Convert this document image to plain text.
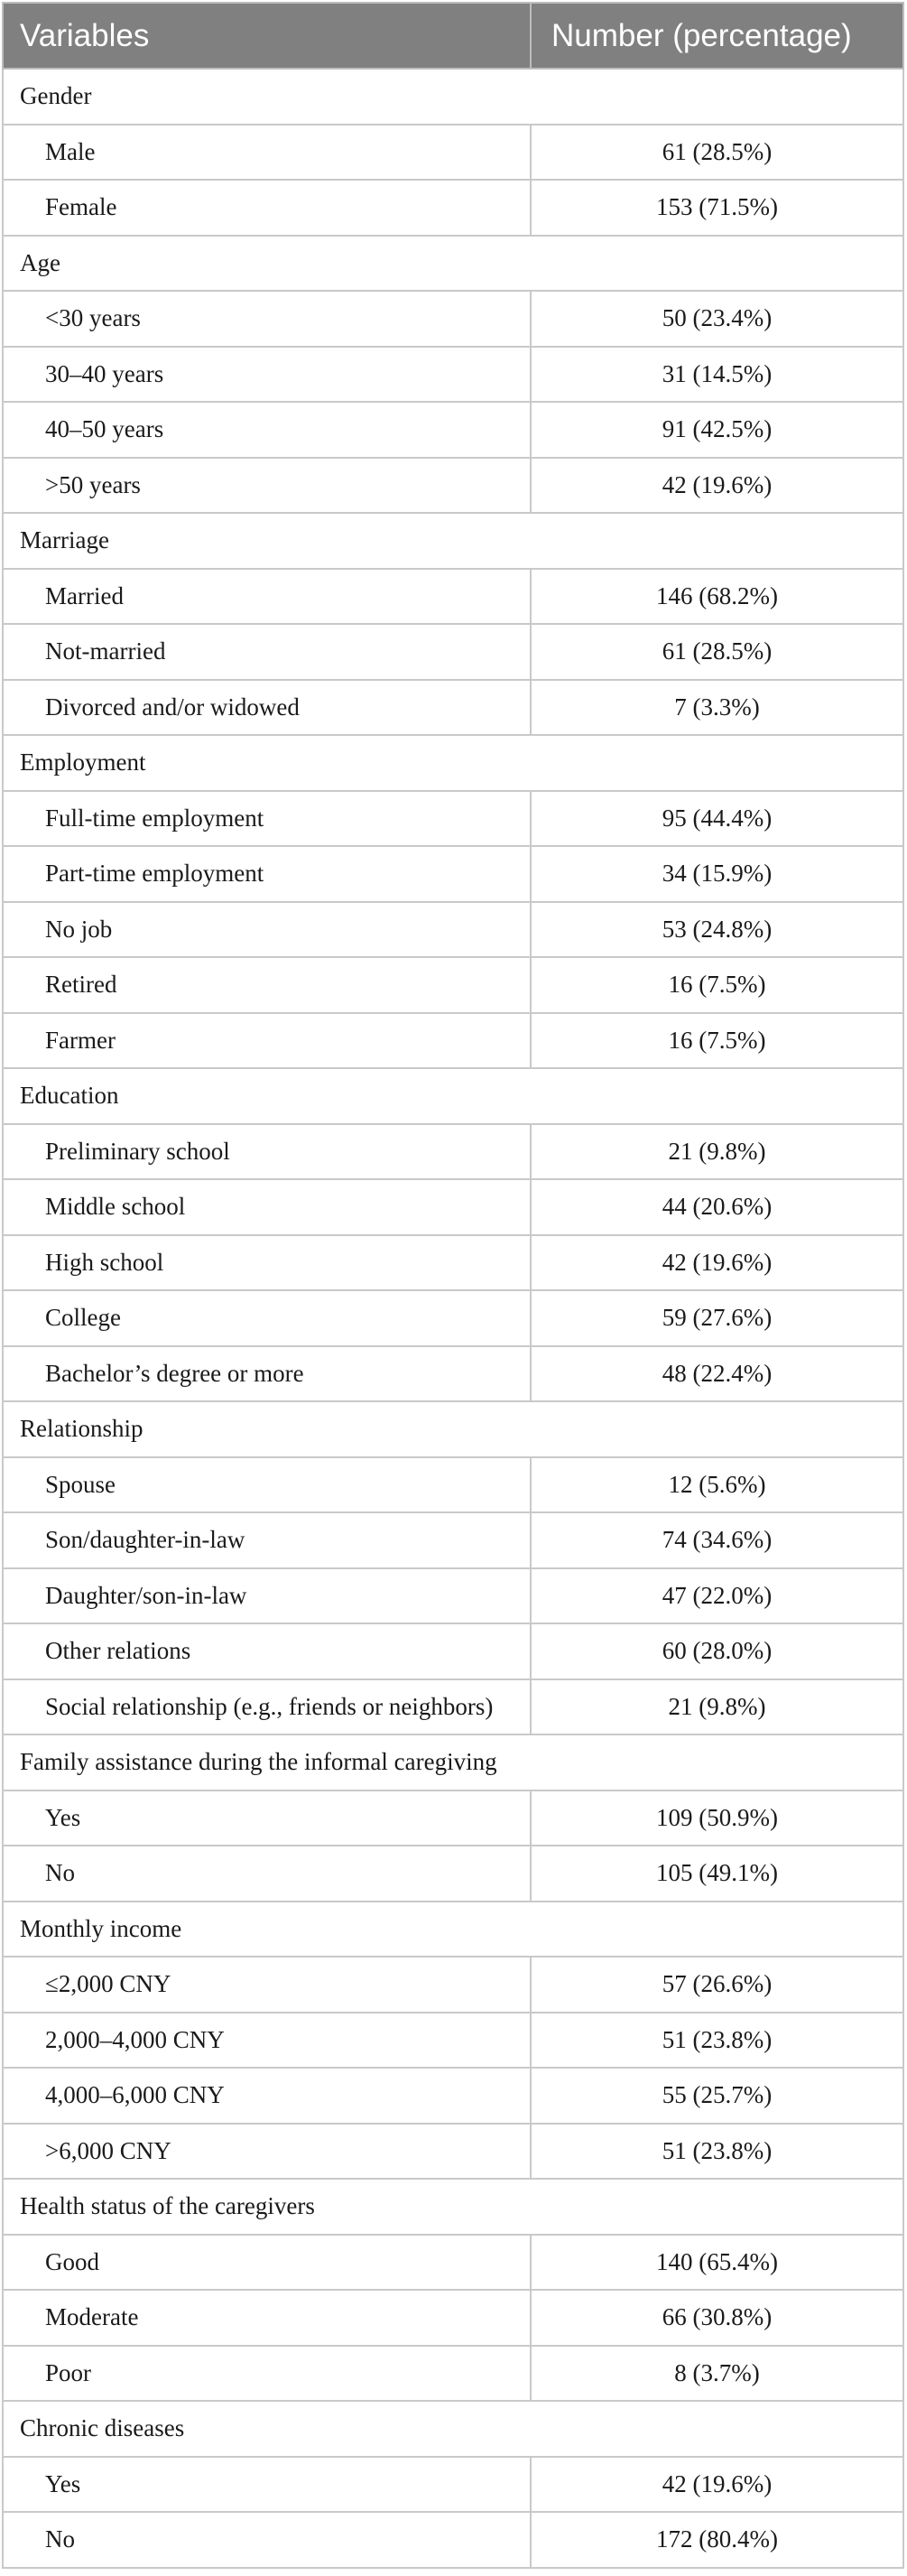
Variables	Number (percentage)
Gender	
Male	61 (28.5%)
Female	153 (71.5%)
Age	
<30 years	50 (23.4%)
30–40 years	31 (14.5%)
40–50 years	91 (42.5%)
>50 years	42 (19.6%)
Marriage	
Married	146 (68.2%)
Not-married	61 (28.5%)
Divorced and/or widowed	7 (3.3%)
Employment	
Full-time employment	95 (44.4%)
Part-time employment	34 (15.9%)
No job	53 (24.8%)
Retired	16 (7.5%)
Farmer	16 (7.5%)
Education	
Preliminary school	21 (9.8%)
Middle school	44 (20.6%)
High school	42 (19.6%)
College	59 (27.6%)
Bachelor’s degree or more	48 (22.4%)
Relationship	
Spouse	12 (5.6%)
Son/daughter-in-law	74 (34.6%)
Daughter/son-in-law	47 (22.0%)
Other relations	60 (28.0%)
Social relationship (e.g., friends or neighbors)	21 (9.8%)
Family assistance during the informal caregiving	
Yes	109 (50.9%)
No	105 (49.1%)
Monthly income	
≤2,000 CNY	57 (26.6%)
2,000–4,000 CNY	51 (23.8%)
4,000–6,000 CNY	55 (25.7%)
>6,000 CNY	51 (23.8%)
Health status of the caregivers	
Good	140 (65.4%)
Moderate	66 (30.8%)
Poor	8 (3.7%)
Chronic diseases	
Yes	42 (19.6%)
No	172 (80.4%)
